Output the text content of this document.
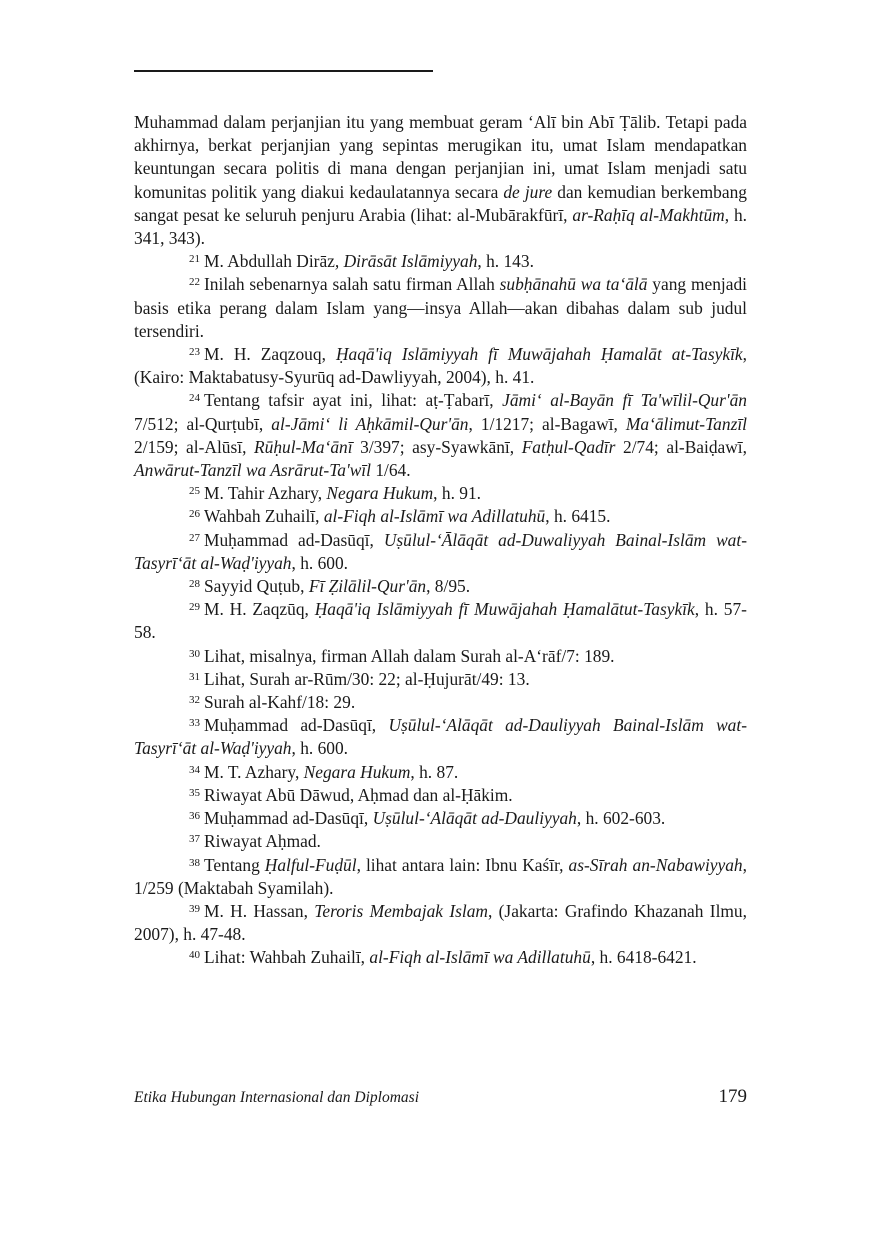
Muhammad dalam perjanjian itu yang membuat geram ‘Alī bin Abī Ṭālib. Tetapi pada akhirnya, berkat perjanjian yang sepintas merugikan itu, umat Islam mendapatkan keuntungan secara politis di mana dengan perjanjian ini, umat Islam menjadi satu komunitas politik yang diakui kedaulatannya secara de jure dan kemudian berkembang sangat pesat ke seluruh penjuru Arabia (lihat: al-Mubārakfūrī, ar-Raḥīq al-Makhtūm, h. 341, 343).

$^{21}$ M. Abdullah Dirāz, Dirāsāt Islāmiyyah, h. 143.

$^{22}$ Inilah sebenarnya salah satu firman Allah subḥānahū wa ta‘ālā yang menjadi basis etika perang dalam Islam yang—insya Allah—akan dibahas dalam sub judul tersendiri.

$^{23}$ M. H. Zaqzouq, Ḥaqā'iq Islāmiyyah fī Muwājahah Ḥamalāt at-Tasykīk, (Kairo: Maktabatusy-Syurūq ad-Dawliyyah, 2004), h. 41.

$^{24}$ Tentang tafsir ayat ini, lihat: aṭ-Ṭabarī, Jāmi‘ al-Bayān fī Ta'wīlil-Qur'ān 7/512; al-Qurṭubī, al-Jāmi‘ li Aḥkāmil-Qur'ān, 1/1217; al-Bagawī, Ma‘ālimut-Tanzīl 2/159; al-Alūsī, Rūḥul-Ma‘ānī 3/397; asy-Syawkānī, Fatḥul-Qadīr 2/74; al-Baiḍawī, Anwārut-Tanzīl wa Asrārut-Ta'wīl 1/64.

$^{25}$ M. Tahir Azhary, Negara Hukum, h. 91.

$^{26}$ Wahbah Zuhailī, al-Fiqh al-Islāmī wa Adillatuhū, h. 6415.

$^{27}$ Muḥammad ad-Dasūqī, Uṣūlul-‘Ālāqāt ad-Duwaliyyah Bainal-Islām wat-Tasyrī‘āt al-Waḍ'iyyah, h. 600.

$^{28}$ Sayyid Quṭub, Fī Ẓilālil-Qur'ān, 8/95.

$^{29}$ M. H. Zaqzūq, Ḥaqā'iq Islāmiyyah fī Muwājahah Ḥamalātut-Tasykīk, h. 57-58.

$^{30}$ Lihat, misalnya, firman Allah dalam Surah al-A‘rāf/7: 189.

$^{31}$ Lihat, Surah ar-Rūm/30: 22; al-Ḥujurāt/49: 13.

$^{32}$ Surah al-Kahf/18: 29.

$^{33}$ Muḥammad ad-Dasūqī, Uṣūlul-‘Alāqāt ad-Dauliyyah Bainal-Islām wat-Tasyrī‘āt al-Waḍ'iyyah, h. 600.

$^{34}$ M. T. Azhary, Negara Hukum, h. 87.

$^{35}$ Riwayat Abū Dāwud, Aḥmad dan al-Ḥākim.

$^{36}$ Muḥammad ad-Dasūqī, Uṣūlul-‘Alāqāt ad-Dauliyyah, h. 602-603.

$^{37}$ Riwayat Aḥmad.

$^{38}$ Tentang Ḥalful-Fuḍūl, lihat antara lain: Ibnu Kaśīr, as-Sīrah an-Nabawiyyah, 1/259 (Maktabah Syamilah).

$^{39}$ M. H. Hassan, Teroris Membajak Islam, (Jakarta: Grafindo Khazanah Ilmu, 2007), h. 47-48.

$^{40}$ Lihat: Wahbah Zuhailī, al-Fiqh al-Islāmī wa Adillatuhū, h. 6418-6421.

Etika Hubungan Internasional dan Diplomasi	179
